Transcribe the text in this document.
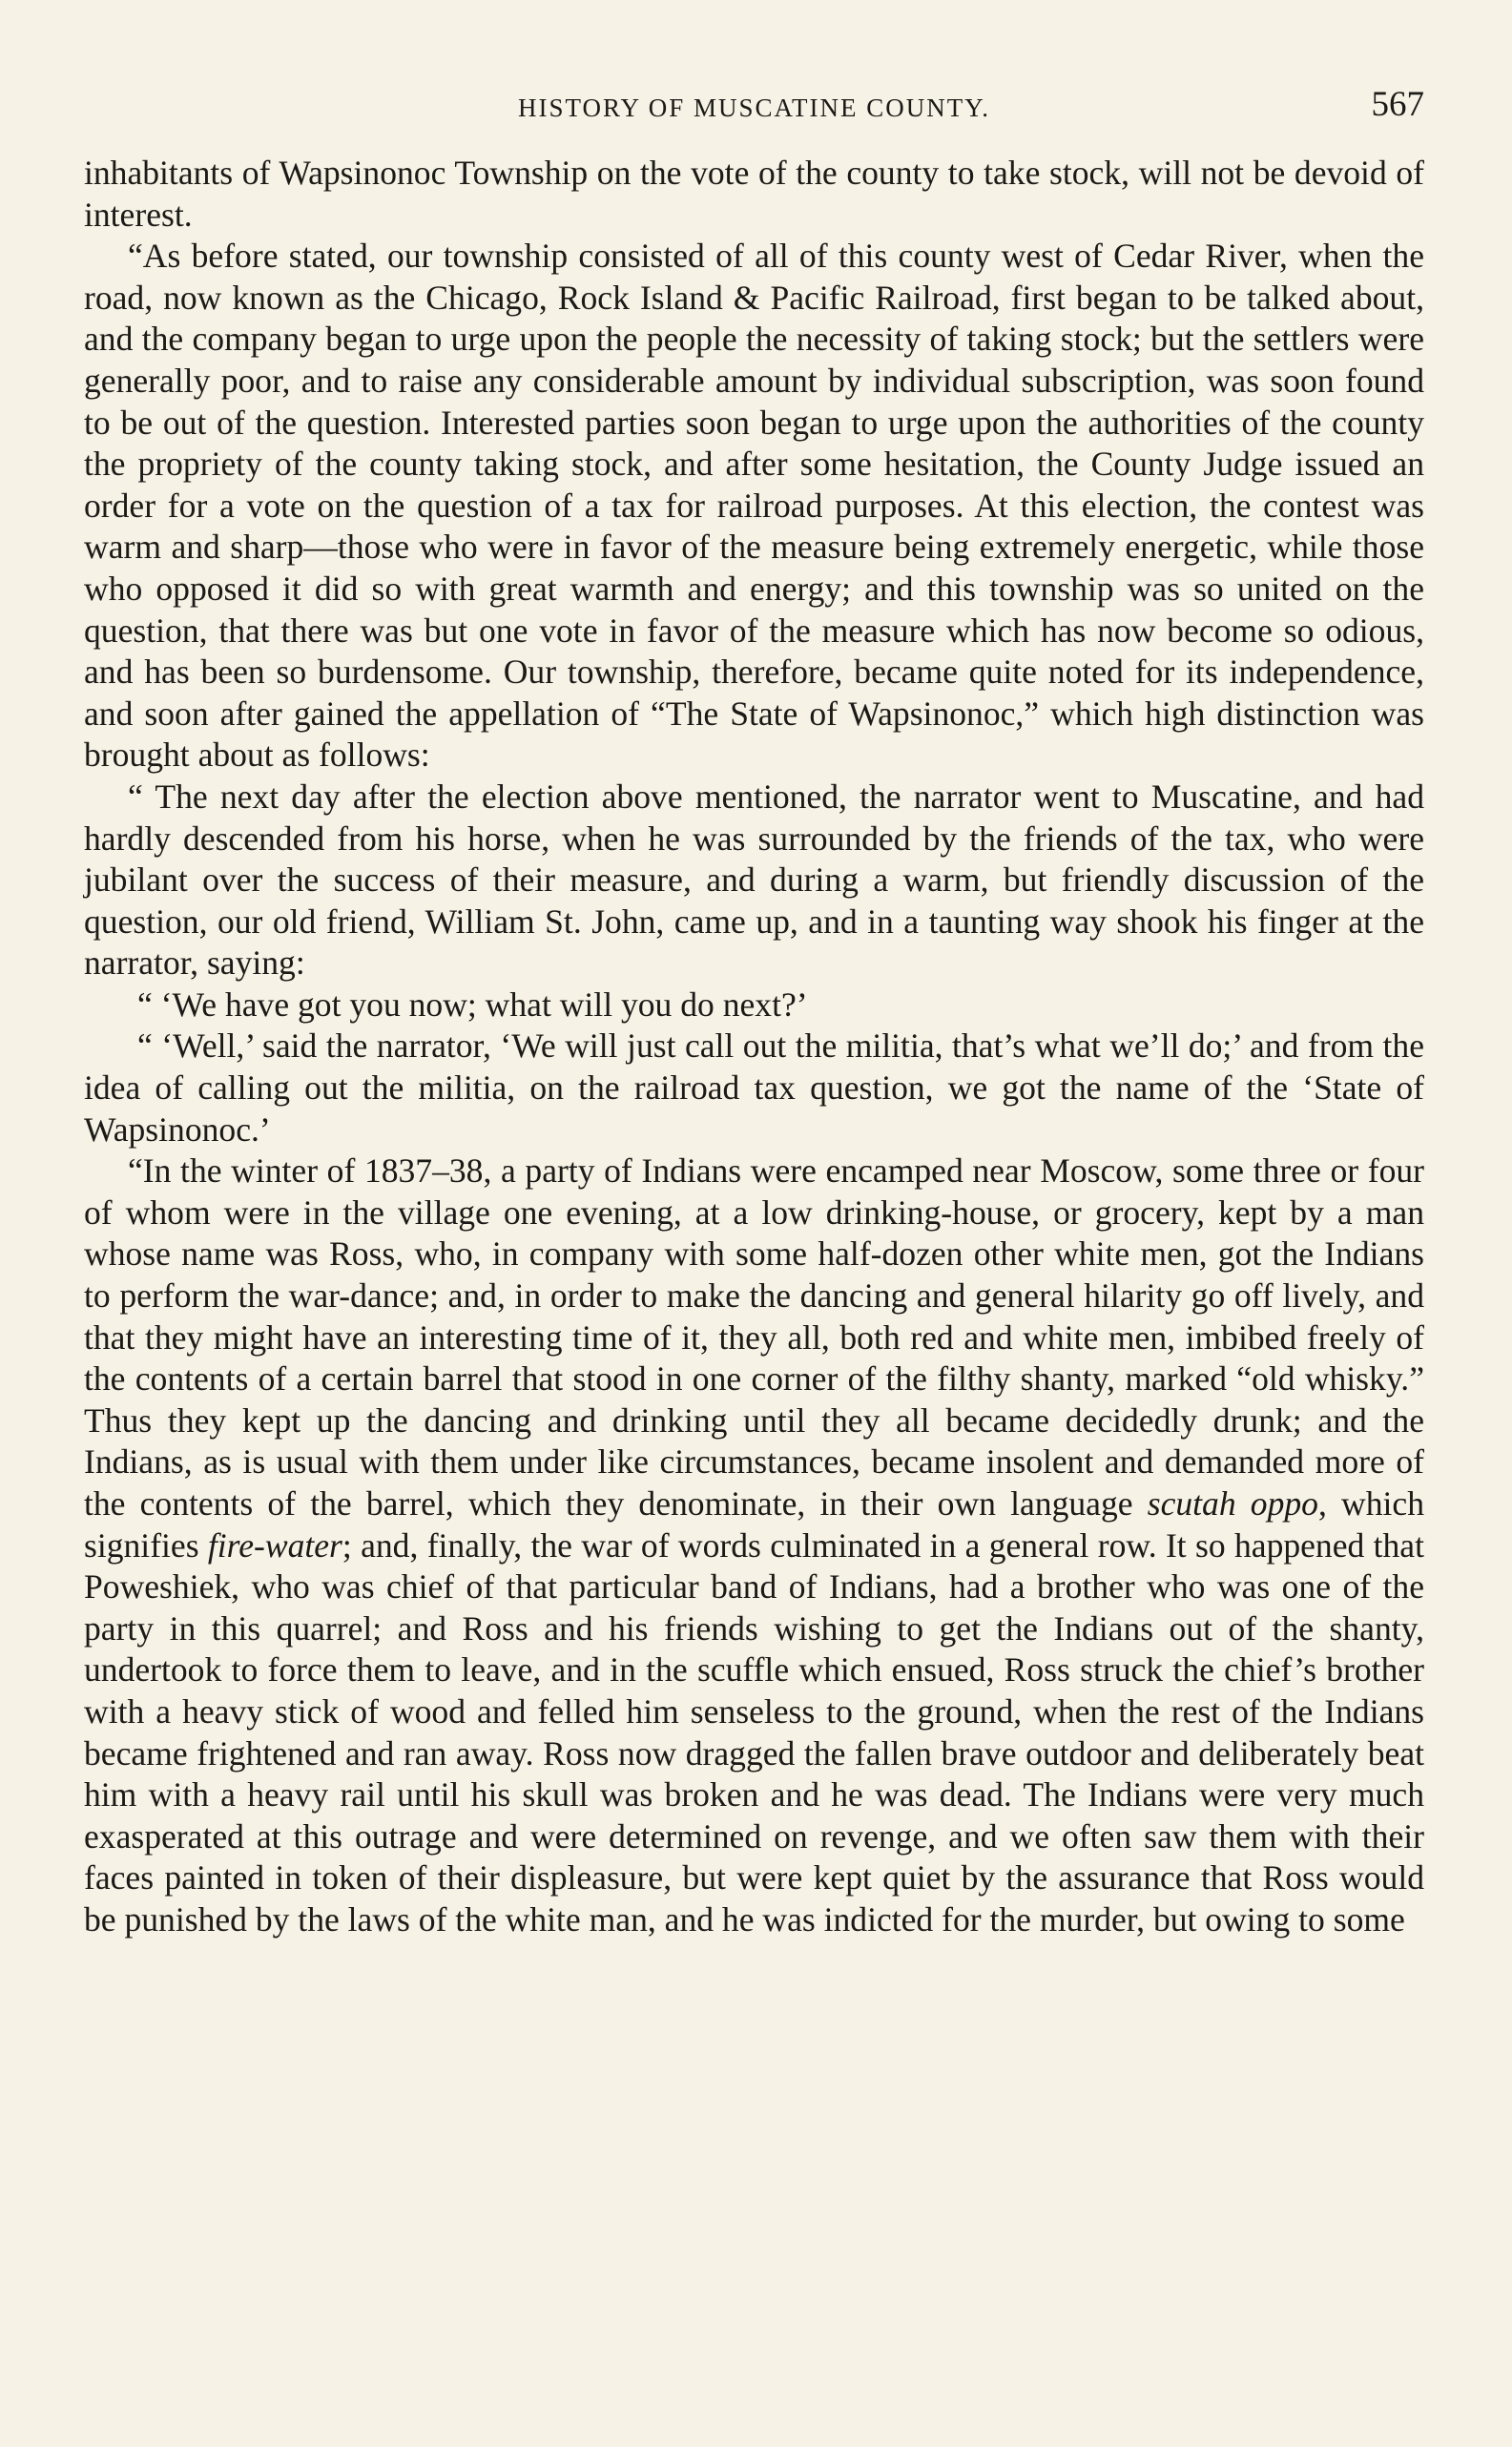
HISTORY OF MUSCATINE COUNTY.	567

inhabitants of Wapsinonoc Township on the vote of the county to take stock, will not be devoid of interest.

“As before stated, our township consisted of all of this county west of Cedar River, when the road, now known as the Chicago, Rock Island & Pacific Railroad, first began to be talked about, and the company began to urge upon the people the necessity of taking stock; but the settlers were generally poor, and to raise any considerable amount by individual subscription, was soon found to be out of the question. Interested parties soon began to urge upon the authorities of the county the propriety of the county taking stock, and after some hesitation, the County Judge issued an order for a vote on the question of a tax for railroad purposes. At this election, the contest was warm and sharp—those who were in favor of the measure being extremely energetic, while those who opposed it did so with great warmth and energy; and this township was so united on the question, that there was but one vote in favor of the measure which has now become so odious, and has been so burdensome. Our township, therefore, became quite noted for its independence, and soon after gained the appellation of “The State of Wapsinonoc,” which high distinction was brought about as follows:

“ The next day after the election above mentioned, the narrator went to Muscatine, and had hardly descended from his horse, when he was surrounded by the friends of the tax, who were jubilant over the success of their measure, and during a warm, but friendly discussion of the question, our old friend, William St. John, came up, and in a taunting way shook his finger at the narrator, saying:

“ ‘We have got you now; what will you do next?’

“ ‘Well,’ said the narrator, ‘We will just call out the militia, that’s what we’ll do;’ and from the idea of calling out the militia, on the railroad tax question, we got the name of the ‘State of Wapsinonoc.’

“In the winter of 1837–38, a party of Indians were encamped near Moscow, some three or four of whom were in the village one evening, at a low drinking-house, or grocery, kept by a man whose name was Ross, who, in company with some half-dozen other white men, got the Indians to perform the war-dance; and, in order to make the dancing and general hilarity go off lively, and that they might have an interesting time of it, they all, both red and white men, imbibed freely of the contents of a certain barrel that stood in one corner of the filthy shanty, marked “old whisky.” Thus they kept up the dancing and drinking until they all became decidedly drunk; and the Indians, as is usual with them under like circumstances, became insolent and demanded more of the contents of the barrel, which they denominate, in their own language scutah oppo, which signifies fire-water; and, finally, the war of words culminated in a general row. It so happened that Poweshiek, who was chief of that particular band of Indians, had a brother who was one of the party in this quarrel; and Ross and his friends wishing to get the Indians out of the shanty, undertook to force them to leave, and in the scuffle which ensued, Ross struck the chief’s brother with a heavy stick of wood and felled him senseless to the ground, when the rest of the Indians became frightened and ran away. Ross now dragged the fallen brave outdoor and deliberately beat him with a heavy rail until his skull was broken and he was dead. The Indians were very much exasperated at this outrage and were determined on revenge, and we often saw them with their faces painted in token of their displeasure, but were kept quiet by the assurance that Ross would be punished by the laws of the white man, and he was indicted for the murder, but owing to some
